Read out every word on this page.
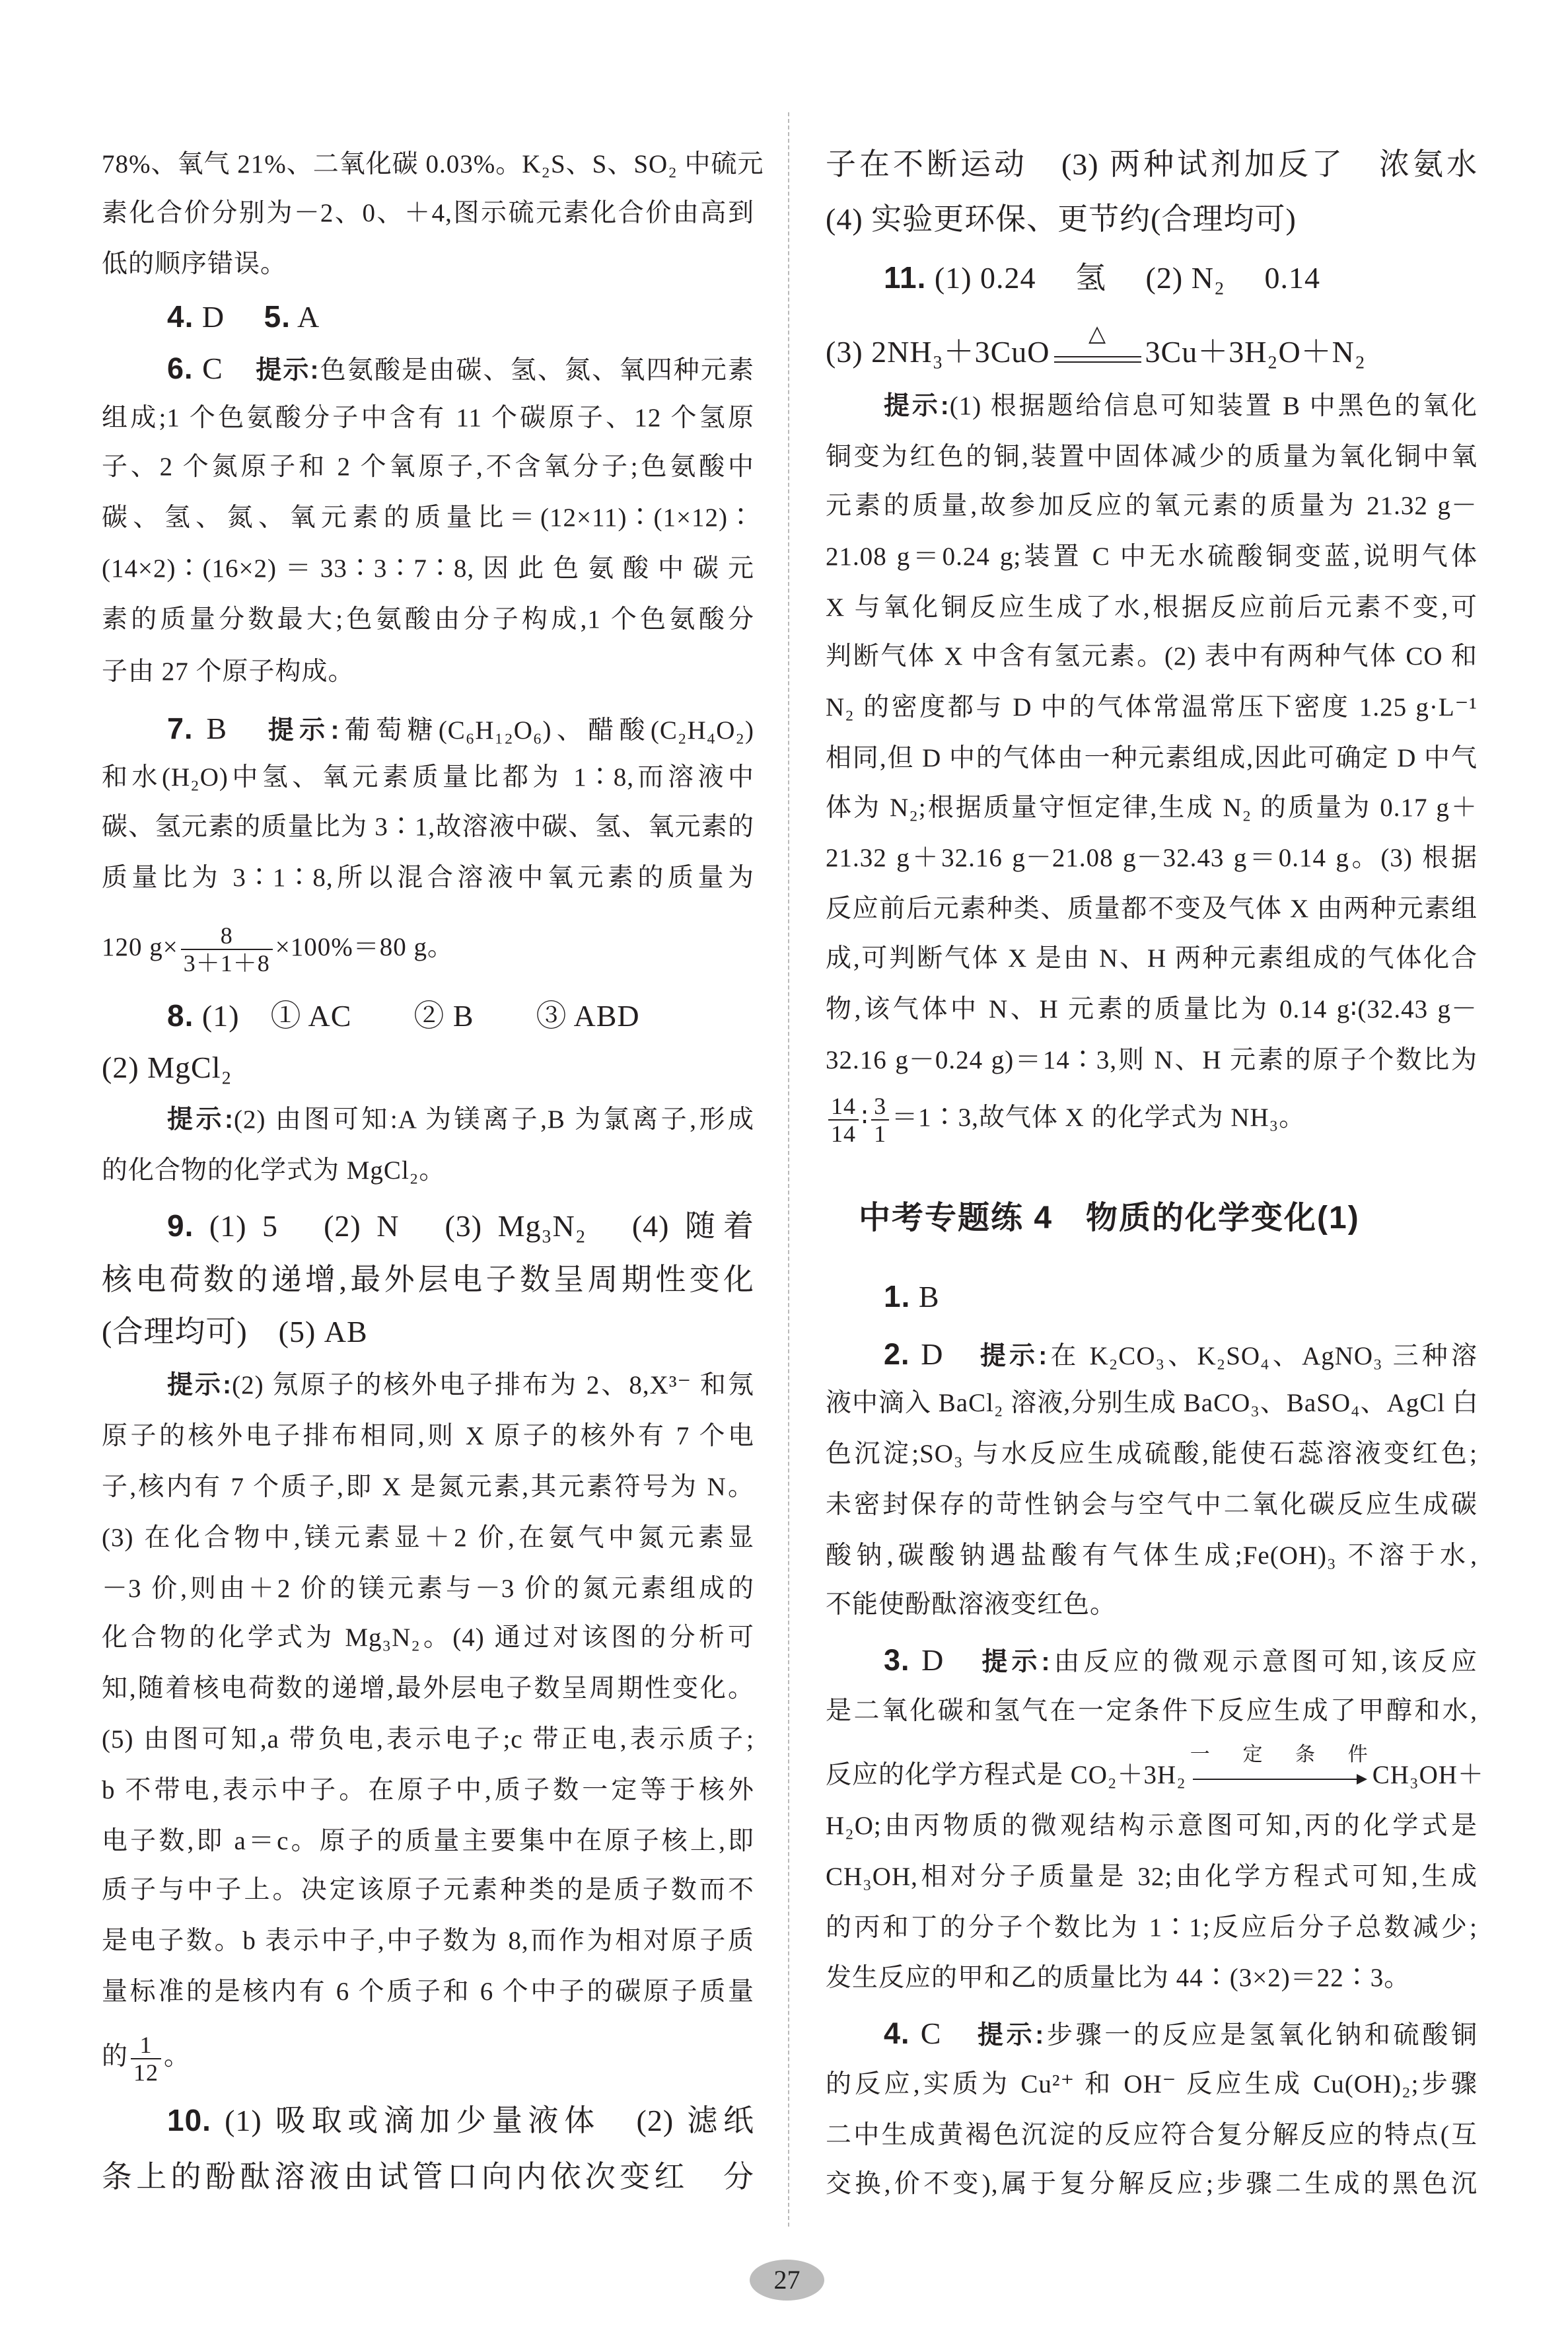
78%、氧气 21%、二氧化碳 0.03%。K₂S、S、SO₂ 中硫元
素化合价分别为－2、0、＋4,图示硫元素化合价由高到
低的顺序错误。
4. D　 5. A
6. C　提示:色氨酸是由碳、氢、氮、氧四种元素
组成;1 个色氨酸分子中含有 11 个碳原子、12 个氢原
子、2 个氮原子和 2 个氧原子,不含氧分子;色氨酸中
碳、氢、氮、氧元素的质量比＝(12×11)∶(1×12)∶
(14×2)∶(16×2)＝33∶3∶7∶8,因此色氨酸中碳元
素的质量分数最大;色氨酸由分子构成,1 个色氨酸分
子由 27 个原子构成。
7. B　提示:葡萄糖(C₆H₁₂O₆)、醋酸(C₂H₄O₂)
和水(H₂O)中氢、氧元素质量比都为 1∶8,而溶液中
碳、氢元素的质量比为 3∶1,故溶液中碳、氢、氧元素的
质量比为 3∶1∶8,所以混合溶液中氧元素的质量为
120 $g\times \frac{8}{3+1+8} \times 100\%=80$ g。
8. (1)　① AC　　② B　　③ ABD
(2) MgCl₂
提示:(2) 由图可知:A 为镁离子,B 为氯离子,形成
的化合物的化学式为 MgCl₂。
9. (1) 5　(2) N　(3) Mg₃N₂　(4) 随着
核电荷数的递增,最外层电子数呈周期性变化
(合理均可)　(5) AB
提示:(2) 氖原子的核外电子排布为 2、8,X³⁻ 和氖
原子的核外电子排布相同,则 X 原子的核外有 7 个电
子,核内有 7 个质子,即 X 是氮元素,其元素符号为 N。
(3) 在化合物中,镁元素显＋2 价,在氨气中氮元素显
－3 价,则由＋2 价的镁元素与－3 价的氮元素组成的
化合物的化学式为 Mg₃N₂。(4) 通过对该图的分析可
知,随着核电荷数的递增,最外层电子数呈周期性变化。
(5) 由图可知,a 带负电,表示电子;c 带正电,表示质子;
b 不带电,表示中子。在原子中,质子数一定等于核外
电子数,即 a＝c。原子的质量主要集中在原子核上,即
质子与中子上。决定该原子元素种类的是质子数而不
是电子数。b 表示中子,中子数为 8,而作为相对原子质
量标准的是核内有 6 个质子和 6 个中子的碳原子质量
的 $\frac{1}{12}$ 。
10. (1) 吸取或滴加少量液体　(2) 滤纸
条上的酚酞溶液由试管口向内依次变红　分
子在不断运动　(3) 两种试剂加反了　浓氨水
(4) 实验更环保、更节约(合理均可)
11. (1) 0.24　 氢　 (2) N₂　 0.14
(3) 2NH₃＋3CuO
△
3Cu＋3H₂O＋N₂
提示:(1) 根据题给信息可知装置 B 中黑色的氧化
铜变为红色的铜,装置中固体减少的质量为氧化铜中氧
元素的质量,故参加反应的氧元素的质量为 21.32 g－
21.08 g＝0.24 g;装置 C 中无水硫酸铜变蓝,说明气体
X 与氧化铜反应生成了水,根据反应前后元素不变,可
判断气体 X 中含有氢元素。(2) 表中有两种气体 CO 和
N₂ 的密度都与 D 中的气体常温常压下密度 1.25 g·L⁻¹
相同,但 D 中的气体由一种元素组成,因此可确定 D 中气
体为 N₂;根据质量守恒定律,生成 N₂ 的质量为 0.17 g＋
21.32 g＋32.16 g－21.08 g－32.43 g＝0.14 g。(3) 根据
反应前后元素种类、质量都不变及气体 X 由两种元素组
成,可判断气体 X 是由 N、H 两种元素组成的气体化合
物,该气体中 N、H 元素的质量比为 0.14 g∶(32.43 g－
32.16 g－0.24 g)＝14∶3,则 N、H 元素的原子个数比为
$\frac{14}{14}$ ∶ $\frac{3}{1}$ ＝1∶3,故气体 X 的化学式为 NH₃。
1. B
2. D　提示:在 K₂CO₃、K₂SO₄、AgNO₃ 三种溶
液中滴入 BaCl₂ 溶液,分别生成 BaCO₃、BaSO₄、AgCl 白
色沉淀;SO₃ 与水反应生成硫酸,能使石蕊溶液变红色;
未密封保存的苛性钠会与空气中二氧化碳反应生成碳
酸钠,碳酸钠遇盐酸有气体生成;Fe(OH)₃ 不溶于水,
不能使酚酞溶液变红色。
3. D　提示:由反应的微观示意图可知,该反应
是二氧化碳和氢气在一定条件下反应生成了甲醇和水,
反应的化学方程式是 CO₂＋3H₂
一定条件
CH₃OH＋
H₂O;由丙物质的微观结构示意图可知,丙的化学式是
CH₃OH,相对分子质量是 32;由化学方程式可知,生成
的丙和丁的分子个数比为 1∶1;反应后分子总数减少;
发生反应的甲和乙的质量比为 44∶(3×2)＝22∶3。
4. C　提示:步骤一的反应是氢氧化钠和硫酸铜
的反应,实质为 Cu²⁺ 和 OH⁻ 反应生成 Cu(OH)₂;步骤
二中生成黄褐色沉淀的反应符合复分解反应的特点(互
交换,价不变),属于复分解反应;步骤二生成的黑色沉
中考专题练 4　物质的化学变化(1)
27
